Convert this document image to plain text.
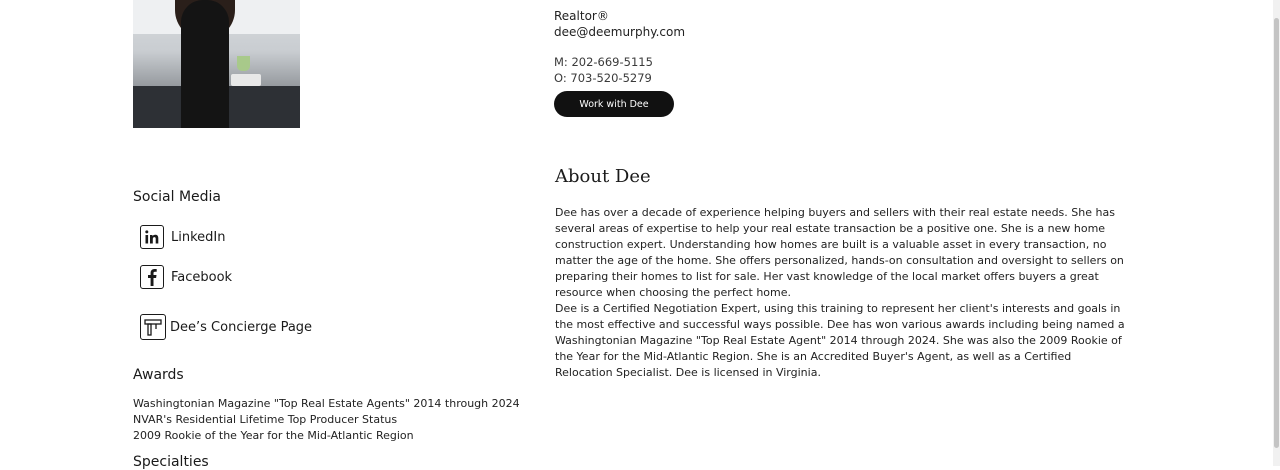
Realtor®
dee@deemurphy.com
M: 202-669-5115
O: 703-520-5279
Work with Dee Murphy
Social Media
LinkedIn
Facebook
Dee’s Concierge Page
Awards
Washingtonian Magazine "Top Real Estate Agents" 2014 through 2024
NVAR's Residential Lifetime Top Producer Status
2009 Rookie of the Year for the Mid-Atlantic Region
Specialties
About Dee

Dee has over a decade of experience helping buyers and sellers with their real estate needs. She has several areas of expertise to help your real estate transaction be a positive one. She is a new home construction expert. Understanding how homes are built is a valuable asset in every transaction, no matter the age of the home. She offers personalized, hands-on consultation and oversight to sellers on preparing their homes to list for sale. Her vast knowledge of the local market offers buyers a great resource when choosing the perfect home.

Dee is a Certified Negotiation Expert, using this training to represent her client's interests and goals in the most effective and successful ways possible. Dee has won various awards including being named a Washingtonian Magazine "Top Real Estate Agent" 2014 through 2024. She was also the 2009 Rookie of the Year for the Mid-Atlantic Region. She is an Accredited Buyer's Agent, as well as a Certified Relocation Specialist. Dee is licensed in Virginia.
